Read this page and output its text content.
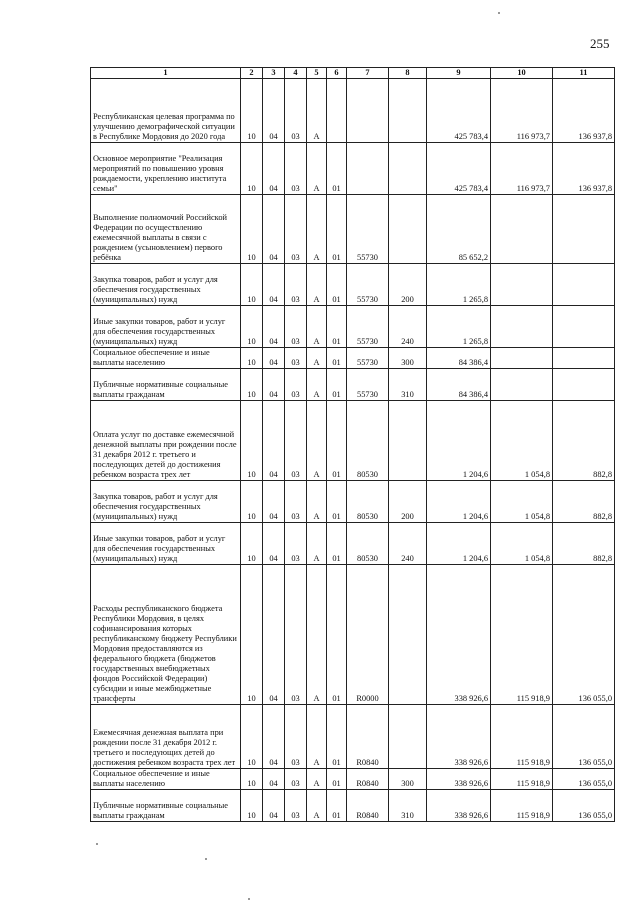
255
1	2	3	4	5	6	7	8	9	10	11
Республиканская целевая программа по улучшению демографической ситуации в Республике Мордовия до 2020 года	10	04	03	А				425 783,4	116 973,7	136 937,8
Основное мероприятие "Реализация мероприятий по повышению уровня рождаемости, укреплению института семьи"	10	04	03	А	01			425 783,4	116 973,7	136 937,8
Выполнение полномочий Российской Федерации по осуществлению ежемесячной выплаты в связи с рождением (усыновлением) первого ребёнка	10	04	03	А	01	55730		85 652,2		
Закупка товаров, работ и услуг для обеспечения государственных (муниципальных) нужд	10	04	03	А	01	55730	200	1 265,8		
Иные закупки товаров, работ и услуг для обеспечения государственных (муниципальных) нужд	10	04	03	А	01	55730	240	1 265,8		
Социальное обеспечение и иные выплаты населению	10	04	03	А	01	55730	300	84 386,4		
Публичные нормативные социальные выплаты гражданам	10	04	03	А	01	55730	310	84 386,4		
Оплата услуг по доставке ежемесячной денежной выплаты при рождении после 31 декабря 2012 г. третьего и последующих детей до достижения ребенком возраста трех лет	10	04	03	А	01	80530		1 204,6	1 054,8	882,8
Закупка товаров, работ и услуг для обеспечения государственных (муниципальных) нужд	10	04	03	А	01	80530	200	1 204,6	1 054,8	882,8
Иные закупки товаров, работ и услуг для обеспечения государственных (муниципальных) нужд	10	04	03	А	01	80530	240	1 204,6	1 054,8	882,8
Расходы республиканского бюджета Республики Мордовия, в целях софинансирования которых республиканскому бюджету Республики Мордовия предоставляются из федерального бюджета (бюджетов государственных внебюджетных фондов Российской Федерации) субсидии и иные межбюджетные трансферты	10	04	03	А	01	R0000		338 926,6	115 918,9	136 055,0
Ежемесячная денежная выплата при рождении после 31 декабря 2012 г. третьего и последующих детей до достижения ребенком возраста трех лет	10	04	03	А	01	R0840		338 926,6	115 918,9	136 055,0
Социальное обеспечение и иные выплаты населению	10	04	03	А	01	R0840	300	338 926,6	115 918,9	136 055,0
Публичные нормативные социальные выплаты гражданам	10	04	03	А	01	R0840	310	338 926,6	115 918,9	136 055,0
